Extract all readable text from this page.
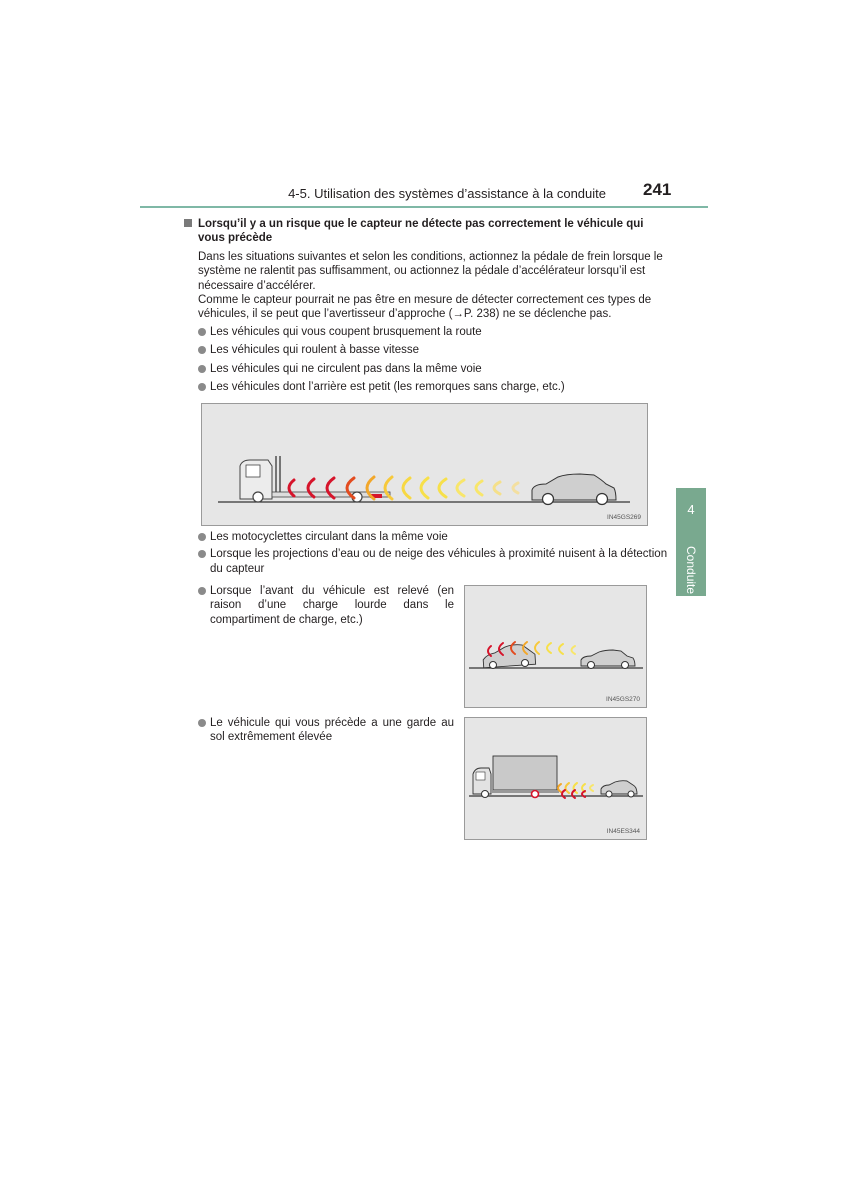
4-5. Utilisation des systèmes d’assistance à la conduite 241
4
Conduite
Lorsqu’il y a un risque que le capteur ne détecte pas correctement le véhicule qui vous précède
Dans les situations suivantes et selon les conditions, actionnez la pédale de frein lorsque le système ne ralentit pas suffisamment, ou actionnez la pédale d’accélérateur lorsqu’il est nécessaire d’accélérer.
Comme le capteur pourrait ne pas être en mesure de détecter correctement ces types de véhicules, il se peut que l’avertisseur d’approche (→P. 238) ne se déclenche pas.
Les véhicules qui vous coupent brusquement la route
Les véhicules qui roulent à basse vitesse
Les véhicules qui ne circulent pas dans la même voie
Les véhicules dont l’arrière est petit (les remorques sans charge, etc.)
IN45GS269
Les motocyclettes circulant dans la même voie
Lorsque les projections d’eau ou de neige des véhicules à proximité nuisent à la détection du capteur
Lorsque l’avant du véhicule est relevé (en raison d’une charge lourde dans le compartiment de charge, etc.)
IN45GS270
Le véhicule qui vous précède a une garde au sol extrêmement élevée
IN45ES344
